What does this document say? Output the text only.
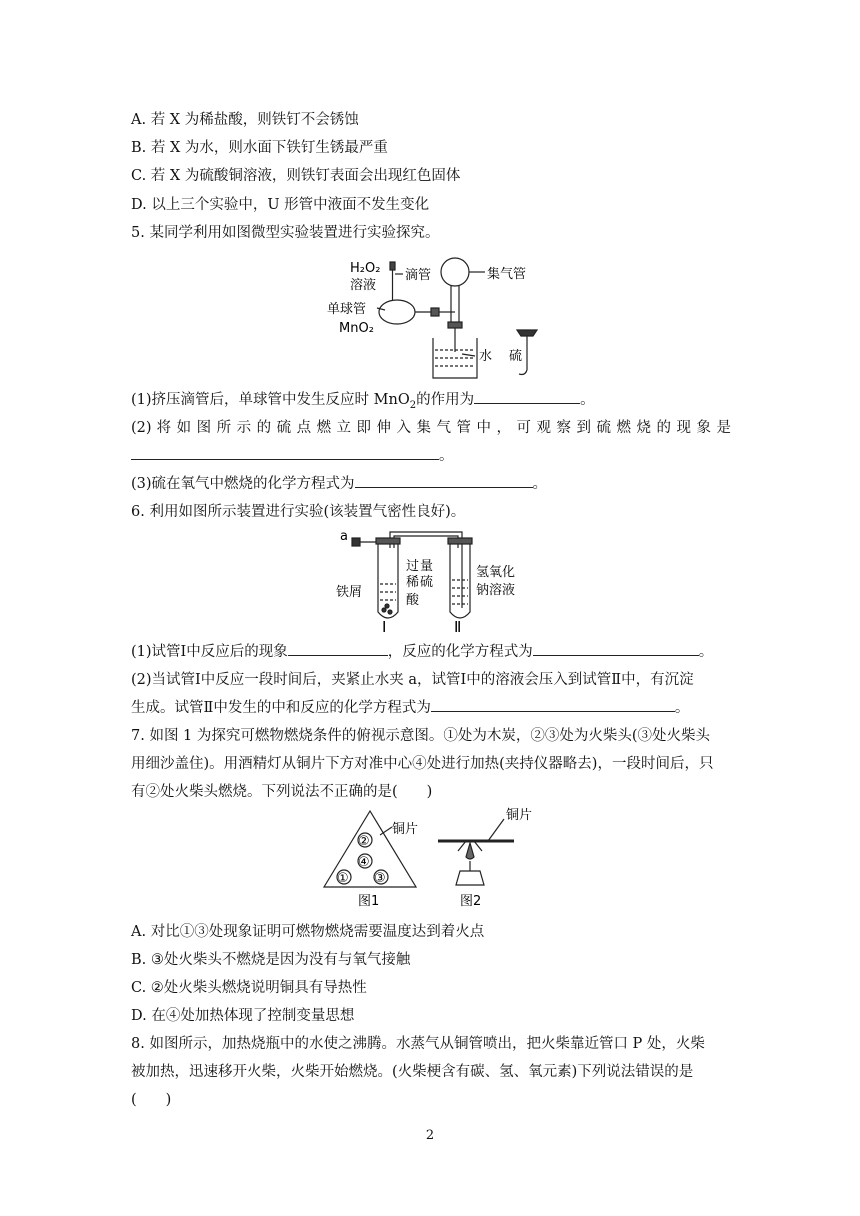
A. 若 X 为稀盐酸，则铁钉不会锈蚀
B. 若 X 为水，则水面下铁钉生锈最严重
C. 若 X 为硫酸铜溶液，则铁钉表面会出现红色固体
D. 以上三个实验中，U 形管中液面不发生变化
5. 某同学利用如图微型实验装置进行实验探究。
H₂O₂
溶液
滴管
单球管
MnO₂
集气管
水 硫
(1)挤压滴管后，单球管中发生反应时 MnO$_2$的作用为	。
(2) 将 如 图 所 示 的 硫 点 燃 立 即 伸 入 集 气 管 中 ， 可 观 察 到 硫 燃 烧 的 现 象 是
。
(3)硫在氧气中燃烧的化学方程式为	。
6. 利用如图所示装置进行实验(该装置气密性良好)。
a
铁屑
过 量
稀 硫
酸
氢氧化
钠溶液
Ⅰ	Ⅱ
(1)试管Ⅰ中反应后的现象	，反应的化学方程式为	。
(2)当试管Ⅰ中反应一段时间后，夹紧止水夹 a，试管Ⅰ中的溶液会压入到试管Ⅱ中，有沉淀
生成。试管Ⅱ中发生的中和反应的化学方程式为	。
7. 如图 1 为探究可燃物燃烧条件的俯视示意图。①处为木炭，②③处为火柴头(③处火柴头
用细沙盖住)。用酒精灯从铜片下方对准中心④处进行加热(夹持仪器略去)，一段时间后，只
有②处火柴头燃烧。下列说法不正确的是(　　)
②
④
① ③
铜片
铜片
图1	图2
A. 对比①③处现象证明可燃物燃烧需要温度达到着火点
B. ③处火柴头不燃烧是因为没有与氧气接触
C. ②处火柴头燃烧说明铜具有导热性
D. 在④处加热体现了控制变量思想
8. 如图所示，加热烧瓶中的水使之沸腾。水蒸气从铜管喷出，把火柴靠近管口 P 处，火柴
被加热，迅速移开火柴，火柴开始燃烧。(火柴梗含有碳、氢、氧元素)下列说法错误的是
(　　)
2
